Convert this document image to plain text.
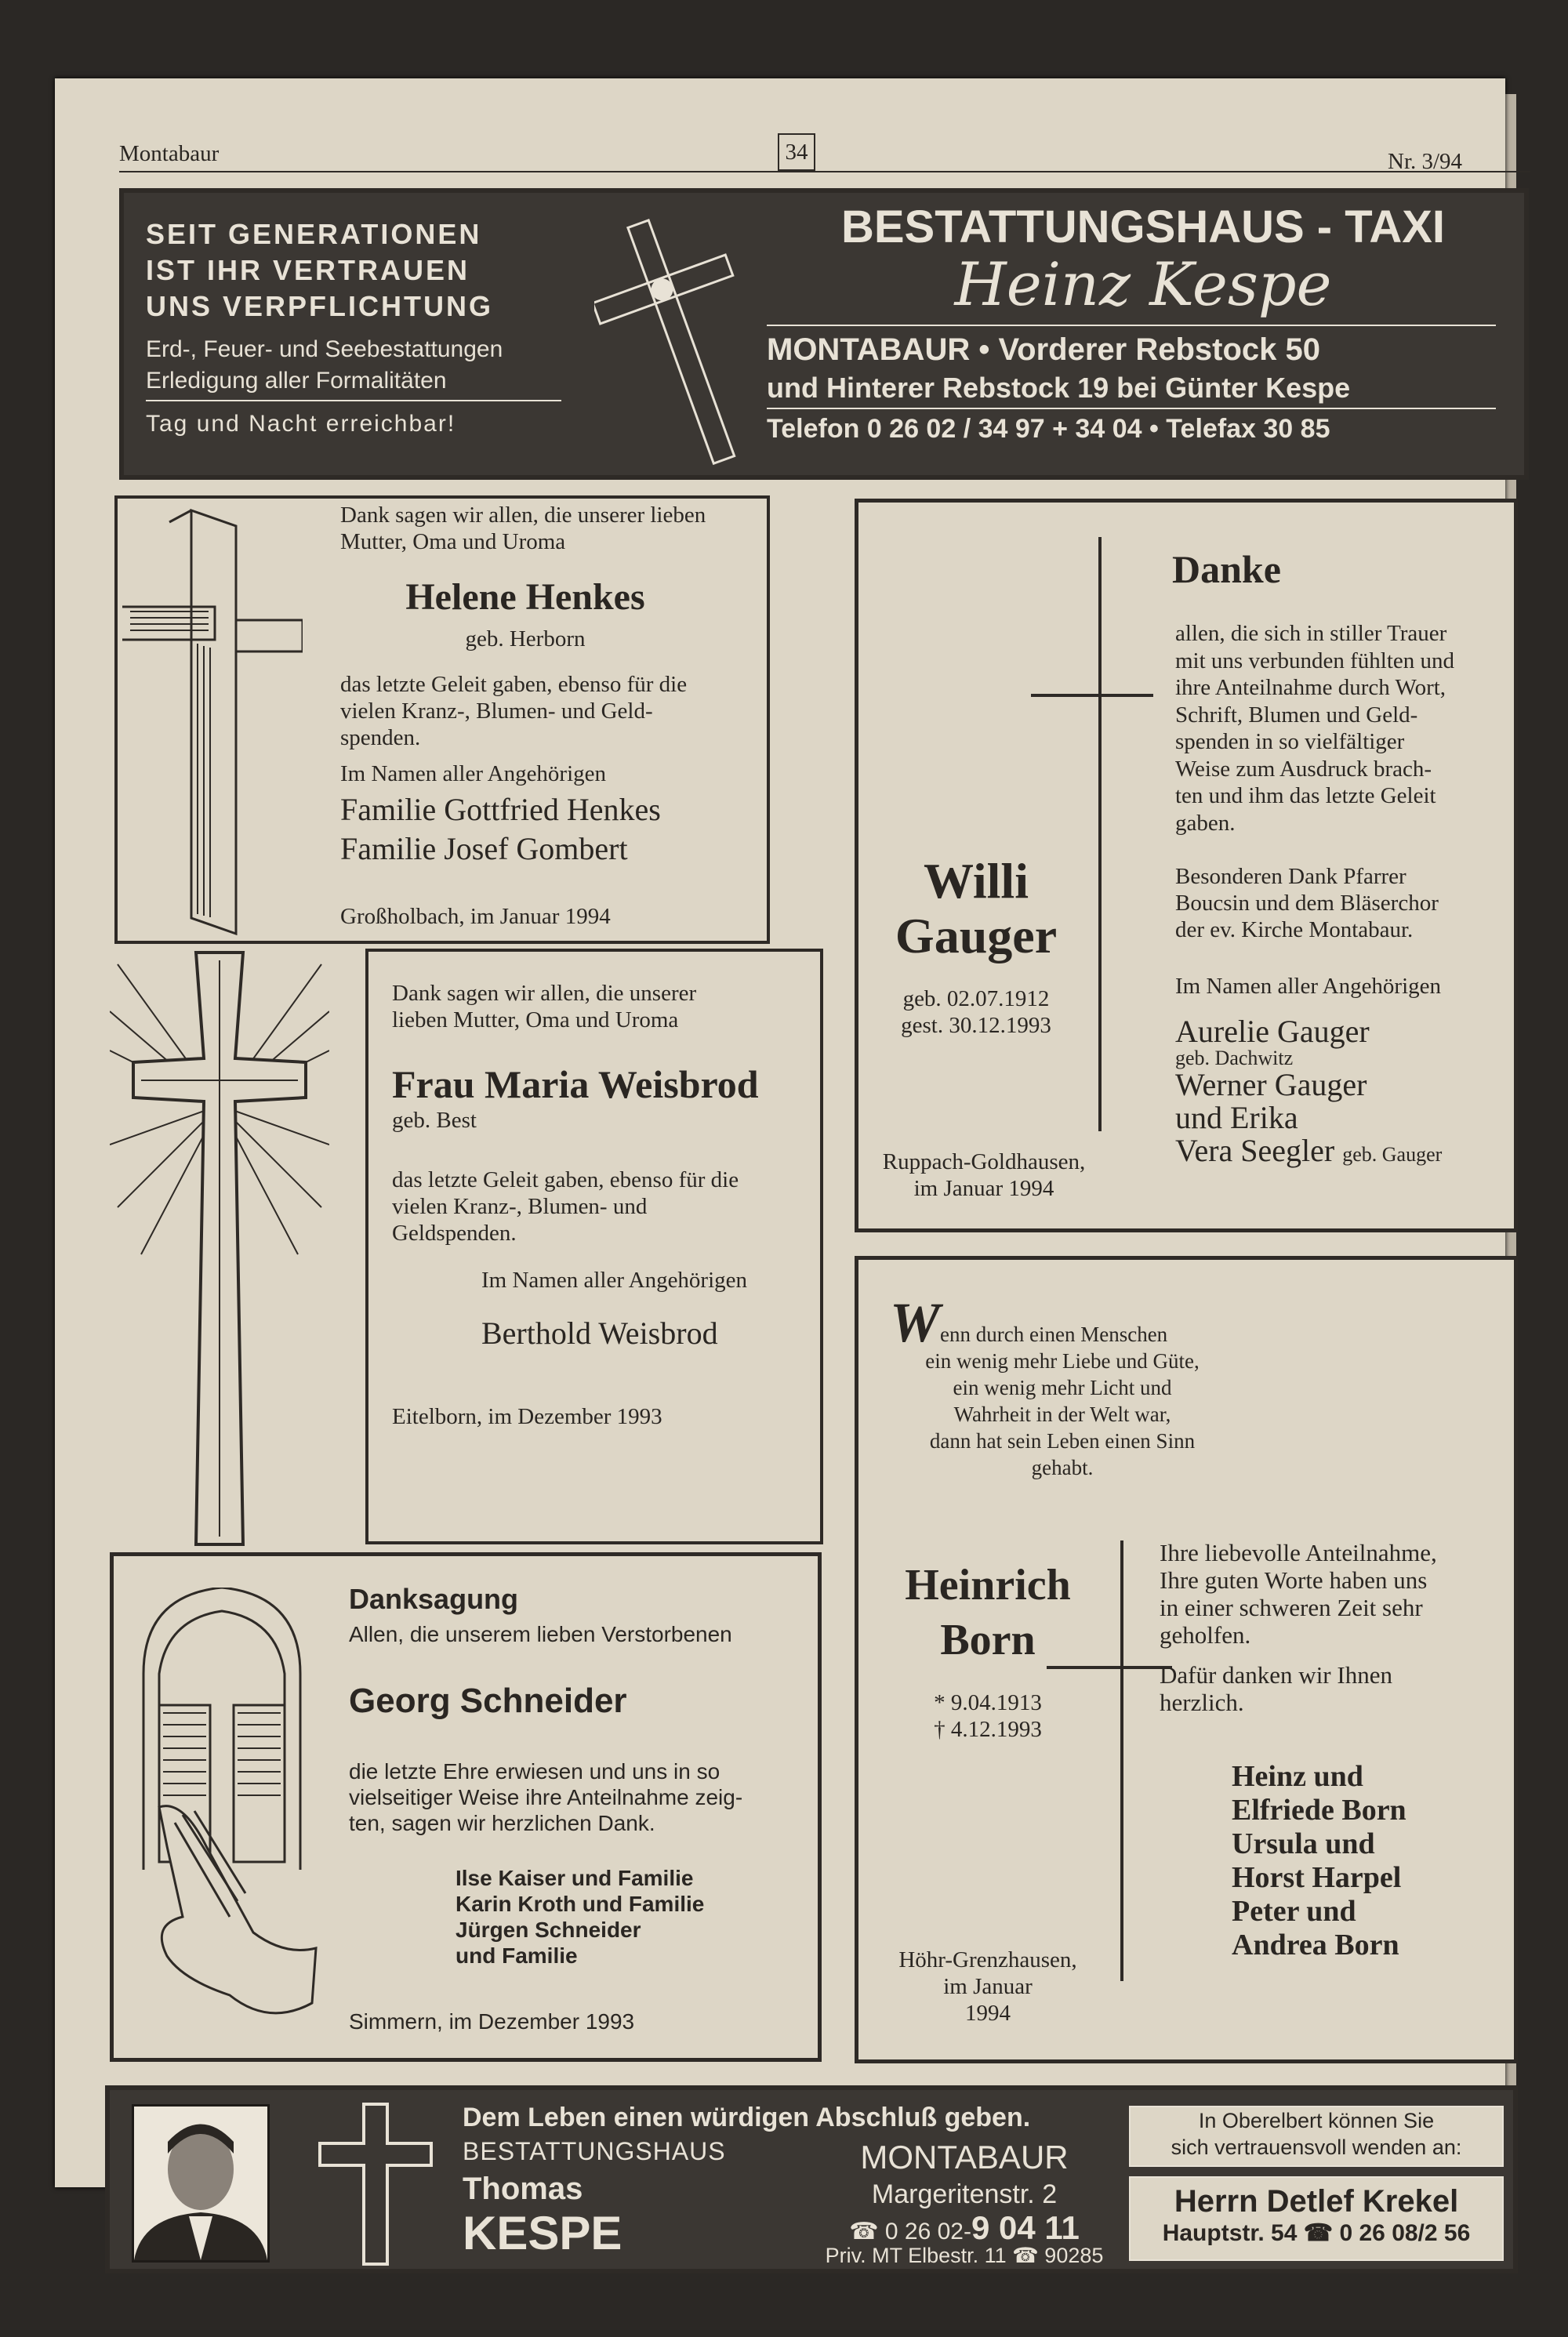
Montabaur	34	Nr. 3/94
SEIT GENERATIONEN
IST IHR VERTRAUEN
UNS VERPFLICHTUNG
Erd-, Feuer- und Seebestattungen
Erledigung aller Formalitäten
Tag und Nacht erreichbar!
BESTATTUNGSHAUS - TAXI
Heinz Kespe
MONTABAUR • Vorderer Rebstock 50
und Hinterer Rebstock 19 bei Günter Kespe
Telefon 0 26 02 / 34 97 + 34 04 • Telefax 30 85
Dank sagen wir allen, die unserer lieben
Mutter, Oma und Uroma
Helene Henkes
geb. Herborn
das letzte Geleit gaben, ebenso für die
vielen Kranz-, Blumen- und Geld-
spenden.
Im Namen aller Angehörigen
Familie Gottfried Henkes
Familie Josef Gombert
Großholbach, im Januar 1994
Dank sagen wir allen, die unserer
lieben Mutter, Oma und Uroma
Frau Maria Weisbrod
geb. Best
das letzte Geleit gaben, ebenso für die
vielen Kranz-, Blumen- und
Geldspenden.
Im Namen aller Angehörigen
Berthold Weisbrod
Eitelborn, im Dezember 1993
Danksagung
Allen, die unserem lieben Verstorbenen
Georg Schneider
die letzte Ehre erwiesen und uns in so
vielseitiger Weise ihre Anteilnahme zeig-
ten, sagen wir herzlichen Dank.
Ilse Kaiser und Familie
Karin Kroth und Familie
Jürgen Schneider
und Familie
Simmern, im Dezember 1993
Danke
allen, die sich in stiller Trauer
mit uns verbunden fühlten und
ihre Anteilnahme durch Wort,
Schrift, Blumen und Geld-
spenden in so vielfältiger
Weise zum Ausdruck brach-
ten und ihm das letzte Geleit
gaben.
Besonderen Dank Pfarrer
Boucsin und dem Bläserchor
der ev. Kirche Montabaur.
Im Namen aller Angehörigen
Willi
Gauger
geb. 02.07.1912
gest. 30.12.1993
Ruppach-Goldhausen,
im Januar 1994
Aurelie Gauger
geb. Dachwitz
Werner Gauger
und Erika
Vera Seegler geb. Gauger
Wenn durch einen Menschen
ein wenig mehr Liebe und Güte,
ein wenig mehr Licht und
Wahrheit in der Welt war,
dann hat sein Leben einen Sinn
gehabt.
Heinrich
Born
* 9.04.1913
† 4.12.1993
Höhr-Grenzhausen,
im Januar
1994
Ihre liebevolle Anteilnahme,
Ihre guten Worte haben uns
in einer schweren Zeit sehr
geholfen.
Dafür danken wir Ihnen
herzlich.
Heinz und
Elfriede Born
Ursula und
Horst Harpel
Peter und
Andrea Born
Dem Leben einen würdigen Abschluß geben.
BESTATTUNGSHAUS
Thomas
KESPE
MONTABAUR
Margeritenstr. 2
☎ 0 26 02-9 04 11
Priv. MT Elbestr. 11 ☎ 90285
In Oberelbert können Sie
sich vertrauensvoll wenden an:
Herrn Detlef Krekel
Hauptstr. 54 ☎ 0 26 08/2 56
